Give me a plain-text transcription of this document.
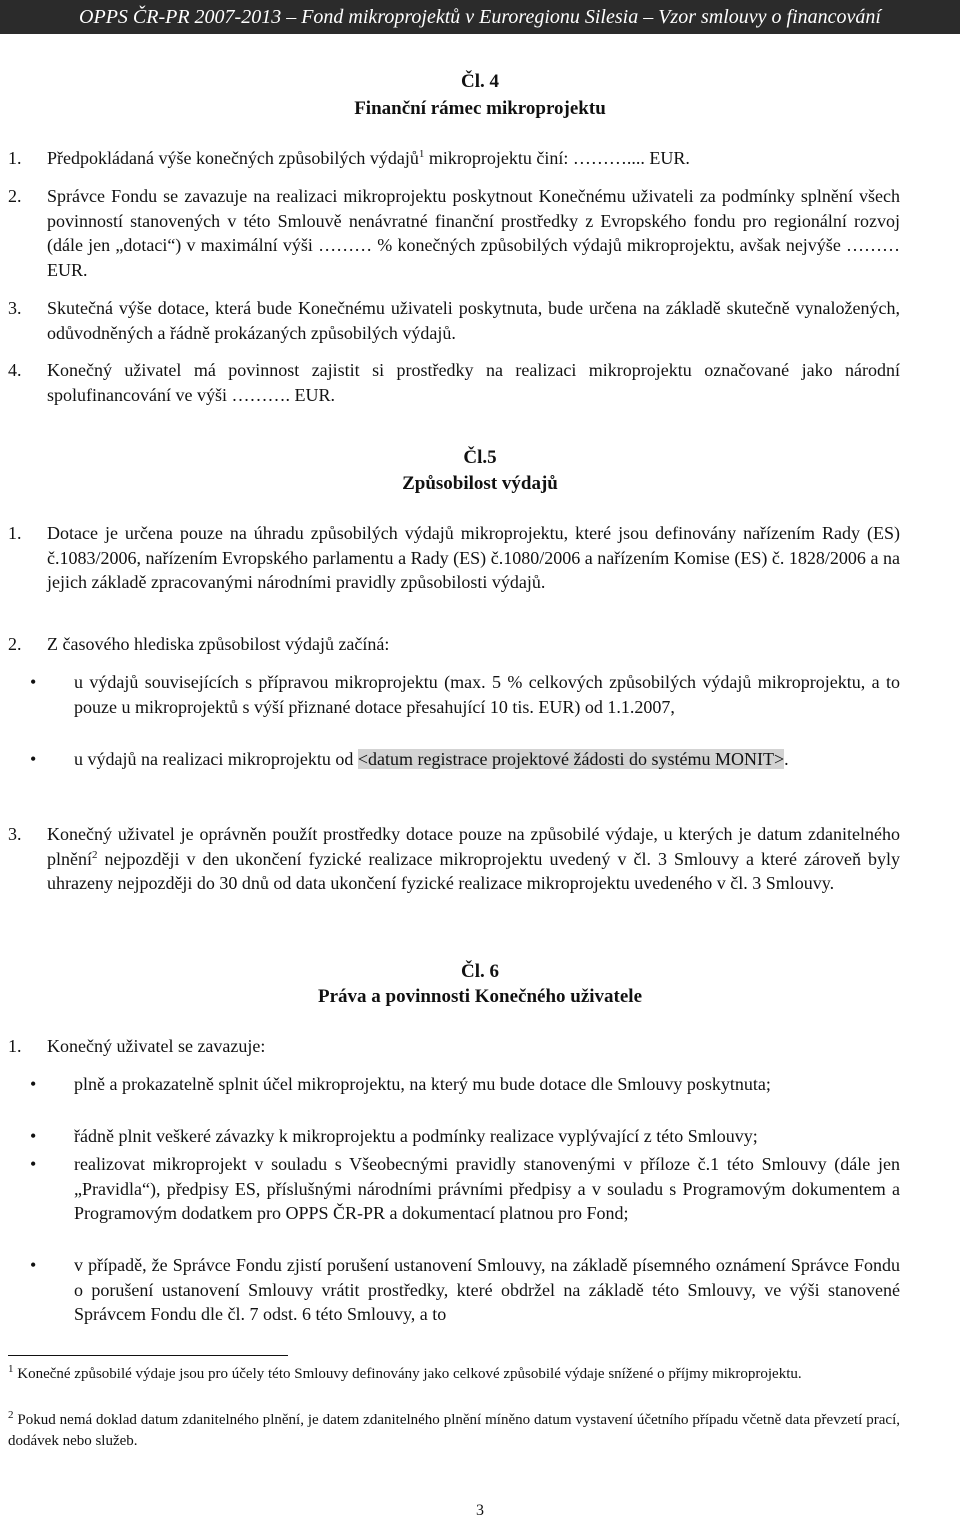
OPPS ČR-PR 2007-2013 – Fond mikroprojektů v Euroregionu Silesia – Vzor smlouvy o financování
Čl. 4
Finanční rámec mikroprojektu
1. Předpokládaná výše konečných způsobilých výdajů$^1$ mikroprojektu činí: ……….... EUR.
2. Správce Fondu se zavazuje na realizaci mikroprojektu poskytnout Konečnému uživateli za podmínky splnění všech povinností stanovených v této Smlouvě nenávratné finanční prostředky z Evropského fondu pro regionální rozvoj (dále jen „dotaci“) v maximální výši ……… % konečných způsobilých výdajů mikroprojektu, avšak nejvýše ……… EUR.
3. Skutečná výše dotace, která bude Konečnému uživateli poskytnuta, bude určena na základě skutečně vynaložených, odůvodněných a řádně prokázaných způsobilých výdajů.
4. Konečný uživatel má povinnost zajistit si prostředky na realizaci mikroprojektu označované jako národní spolufinancování ve výši ………. EUR.
Čl.5
Způsobilost výdajů
1. Dotace je určena pouze na úhradu způsobilých výdajů mikroprojektu, které jsou definovány nařízením Rady (ES) č.1083/2006, nařízením Evropského parlamentu a Rady (ES) č.1080/2006 a nařízením Komise (ES) č. 1828/2006 a na jejich základě zpracovanými národními pravidly způsobilosti výdajů.
2. Z časového hlediska způsobilost výdajů začíná:
• u výdajů souvisejících s přípravou mikroprojektu (max. 5 % celkových způsobilých výdajů mikroprojektu, a to pouze u mikroprojektů s výší přiznané dotace přesahující 10 tis. EUR) od 1.1.2007,
• u výdajů na realizaci mikroprojektu od <datum registrace projektové žádosti do systému MONIT>.
3. Konečný uživatel je oprávněn použít prostředky dotace pouze na způsobilé výdaje, u kterých je datum zdanitelného plnění$^2$ nejpozději v den ukončení fyzické realizace mikroprojektu uvedený v čl. 3 Smlouvy a které zároveň byly uhrazeny nejpozději do 30 dnů od data ukončení fyzické realizace mikroprojektu uvedeného v čl. 3 Smlouvy.
Čl. 6
Práva a povinnosti Konečného uživatele
1. Konečný uživatel se zavazuje:
• plně a prokazatelně splnit účel mikroprojektu, na který mu bude dotace dle Smlouvy poskytnuta;
• řádně plnit veškeré závazky k mikroprojektu a podmínky realizace vyplývající z této Smlouvy;
• realizovat mikroprojekt v souladu s Všeobecnými pravidly stanovenými v příloze č.1 této Smlouvy (dále jen „Pravidla“), předpisy ES, příslušnými národními právními předpisy a v souladu s Programovým dokumentem a Programovým dodatkem pro OPPS ČR-PR a dokumentací platnou pro Fond;
• v případě, že Správce Fondu zjistí porušení ustanovení Smlouvy, na základě písemného oznámení Správce Fondu o porušení ustanovení Smlouvy vrátit prostředky, které obdržel na základě této Smlouvy, ve výši stanovené Správcem Fondu dle čl. 7 odst. 6 této Smlouvy, a to
$^1$ Konečné způsobilé výdaje jsou pro účely této Smlouvy definovány jako celkové způsobilé výdaje snížené o příjmy mikroprojektu.
$^2$ Pokud nemá doklad datum zdanitelného plnění, je datem zdanitelného plnění míněno datum vystavení účetního případu včetně data převzetí prací, dodávek nebo služeb.
3
